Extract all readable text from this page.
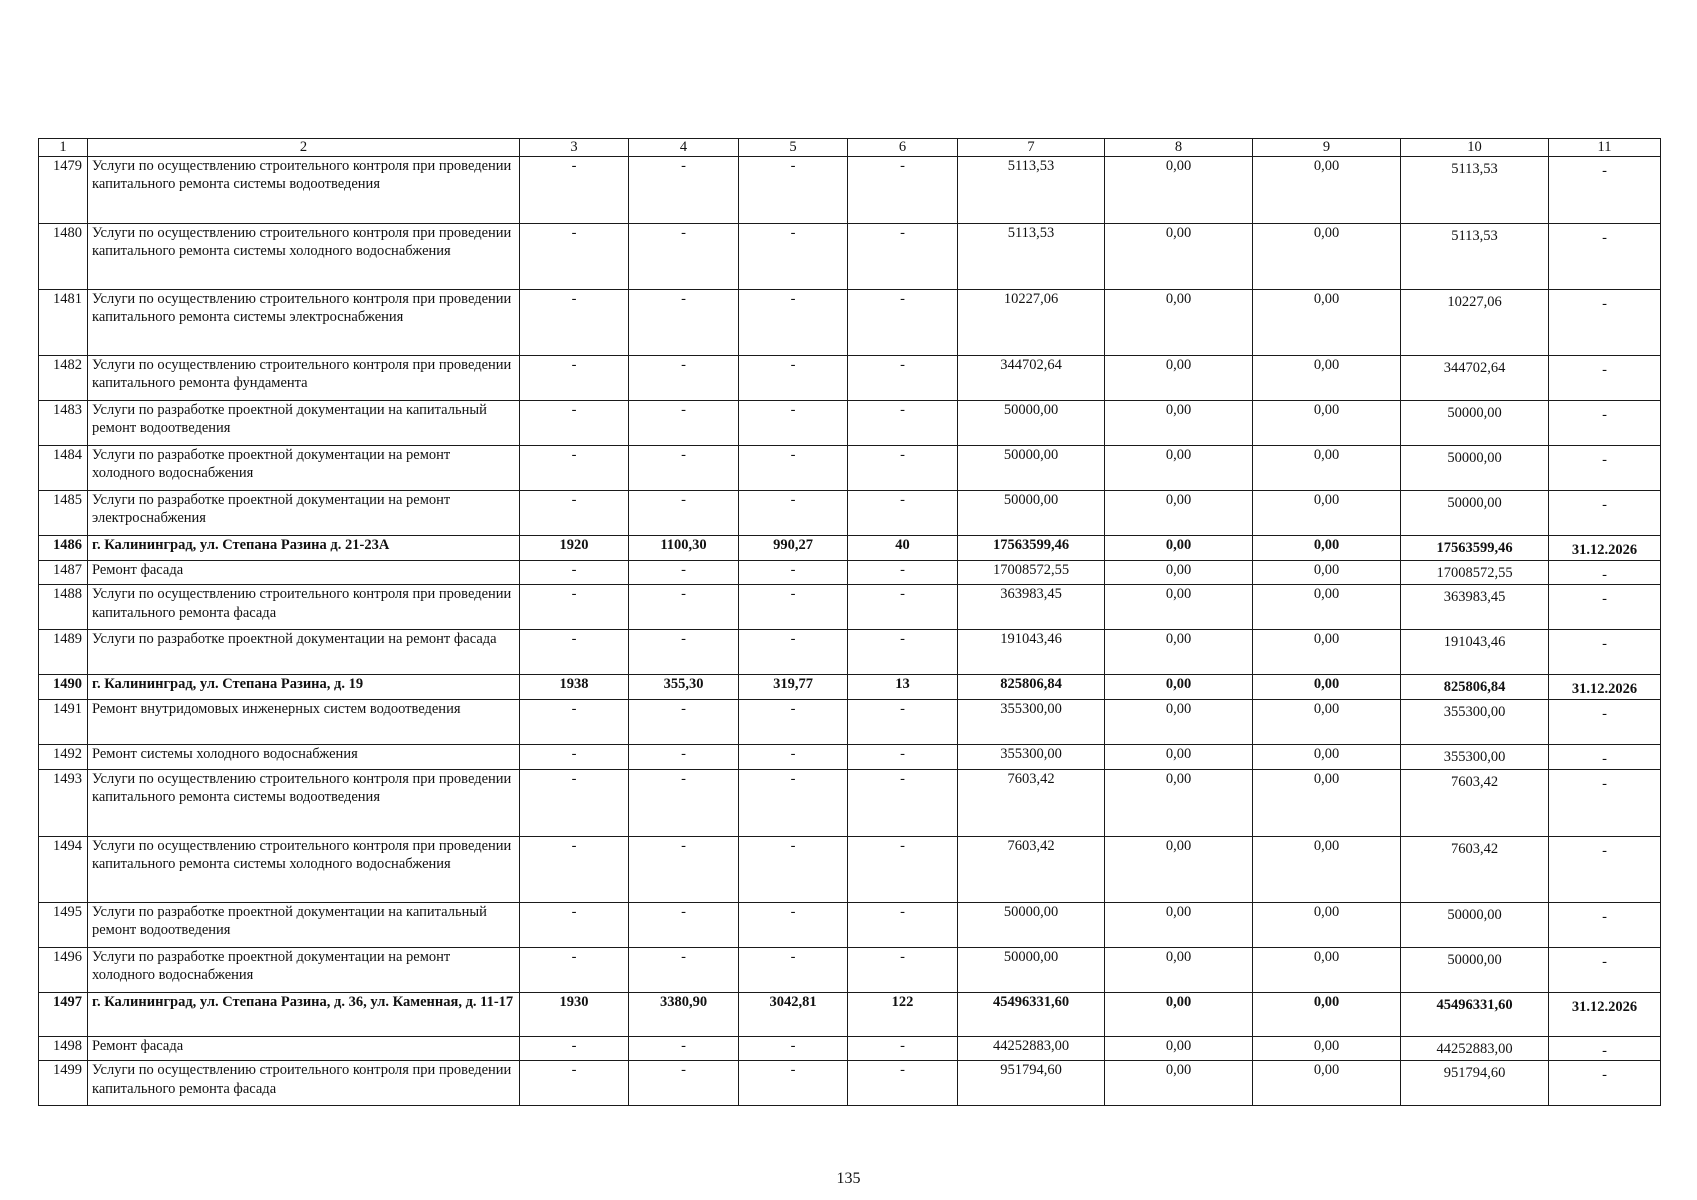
1	2	3	4	5	6	7	8	9	10	11
1479	Услуги по осуществлению строительного контроля при проведении капитального ремонта системы водоотведения	-	-	-	-	5113,53	0,00	0,00	5113,53	-
1480	Услуги по осуществлению строительного контроля при проведении капитального ремонта системы холодного водоснабжения	-	-	-	-	5113,53	0,00	0,00	5113,53	-
1481	Услуги по осуществлению строительного контроля при проведении капитального ремонта системы электроснабжения	-	-	-	-	10227,06	0,00	0,00	10227,06	-
1482	Услуги по осуществлению строительного контроля при проведении капитального ремонта фундамента	-	-	-	-	344702,64	0,00	0,00	344702,64	-
1483	Услуги по разработке проектной документации на капитальный ремонт водоотведения	-	-	-	-	50000,00	0,00	0,00	50000,00	-
1484	Услуги по разработке проектной документации на ремонт холодного водоснабжения	-	-	-	-	50000,00	0,00	0,00	50000,00	-
1485	Услуги по разработке проектной документации на ремонт электроснабжения	-	-	-	-	50000,00	0,00	0,00	50000,00	-
1486	г. Калининград, ул. Степана Разина д. 21-23А	1920	1100,30	990,27	40	17563599,46	0,00	0,00	17563599,46	31.12.2026
1487	Ремонт фасада	-	-	-	-	17008572,55	0,00	0,00	17008572,55	-
1488	Услуги по осуществлению строительного контроля при проведении капитального ремонта фасада	-	-	-	-	363983,45	0,00	0,00	363983,45	-
1489	Услуги по разработке проектной документации на ремонт фасада	-	-	-	-	191043,46	0,00	0,00	191043,46	-
1490	г. Калининград, ул. Степана Разина, д. 19	1938	355,30	319,77	13	825806,84	0,00	0,00	825806,84	31.12.2026
1491	Ремонт внутридомовых инженерных систем водоотведения	-	-	-	-	355300,00	0,00	0,00	355300,00	-
1492	Ремонт системы холодного водоснабжения	-	-	-	-	355300,00	0,00	0,00	355300,00	-
1493	Услуги по осуществлению строительного контроля при проведении капитального ремонта системы водоотведения	-	-	-	-	7603,42	0,00	0,00	7603,42	-
1494	Услуги по осуществлению строительного контроля при проведении капитального ремонта системы холодного водоснабжения	-	-	-	-	7603,42	0,00	0,00	7603,42	-
1495	Услуги по разработке проектной документации на капитальный ремонт водоотведения	-	-	-	-	50000,00	0,00	0,00	50000,00	-
1496	Услуги по разработке проектной документации на ремонт холодного водоснабжения	-	-	-	-	50000,00	0,00	0,00	50000,00	-
1497	г. Калининград, ул. Степана Разина, д. 36, ул. Каменная, д. 11-17	1930	3380,90	3042,81	122	45496331,60	0,00	0,00	45496331,60	31.12.2026
1498	Ремонт фасада	-	-	-	-	44252883,00	0,00	0,00	44252883,00	-
1499	Услуги по осуществлению строительного контроля при проведении капитального ремонта фасада	-	-	-	-	951794,60	0,00	0,00	951794,60	-
135
